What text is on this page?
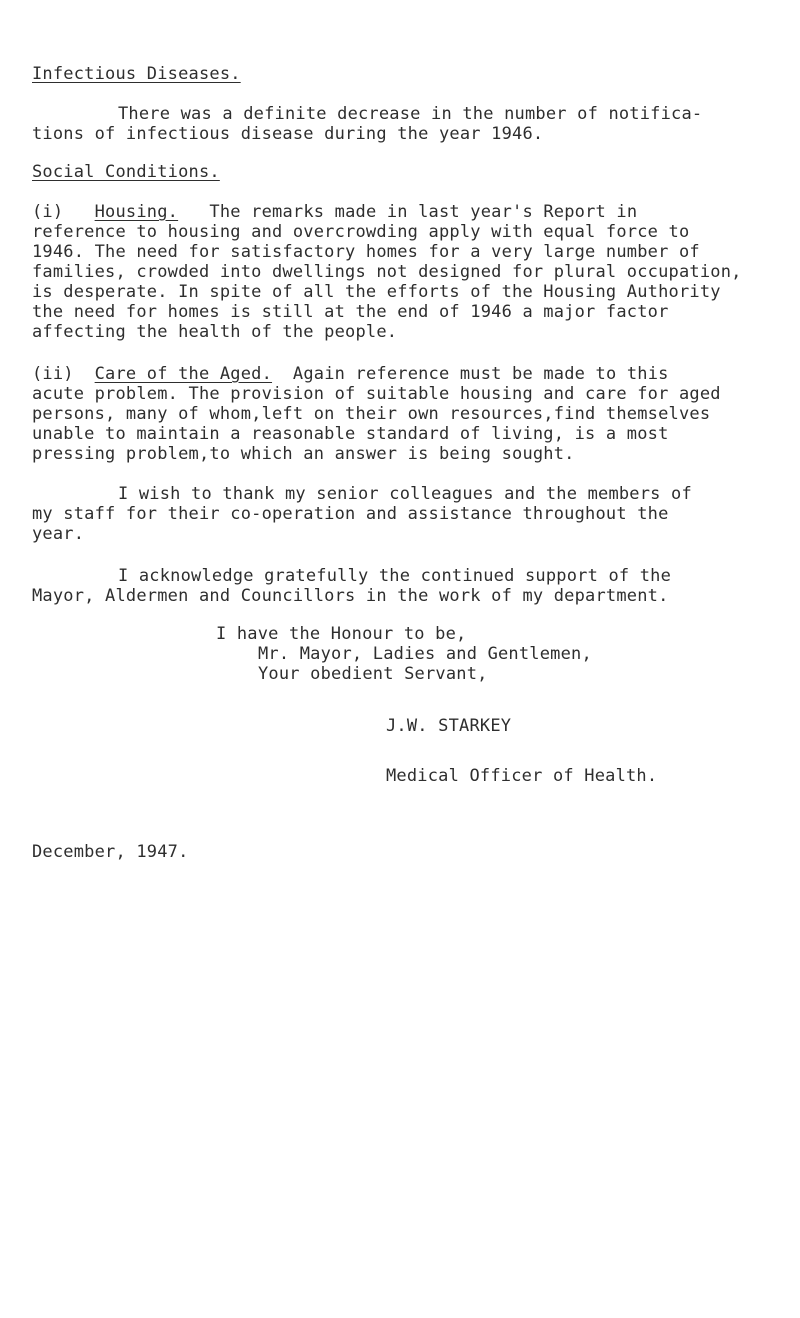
Infectious Diseases.
There was a definite decrease in the number of notifica-
tions of infectious disease during the year 1946.
Social Conditions.
(i) Housing. The remarks made in last year's Report in
reference to housing and overcrowding apply with equal force to
1946. The need for satisfactory homes for a very large number of
families, crowded into dwellings not designed for plural occupation,
is desperate. In spite of all the efforts of the Housing Authority
the need for homes is still at the end of 1946 a major factor
affecting the health of the people.
(ii) Care of the Aged. Again reference must be made to this
acute problem. The provision of suitable housing and care for aged
persons, many of whom,left on their own resources,find themselves
unable to maintain a reasonable standard of living, is a most
pressing problem,to which an answer is being sought.
I wish to thank my senior colleagues and the members of
my staff for their co-operation and assistance throughout the
year.
I acknowledge gratefully the continued support of the
Mayor, Aldermen and Councillors in the work of my department.
I have the Honour to be,
Mr. Mayor, Ladies and Gentlemen,
Your obedient Servant,
J.W. STARKEY
Medical Officer of Health.
December, 1947.
